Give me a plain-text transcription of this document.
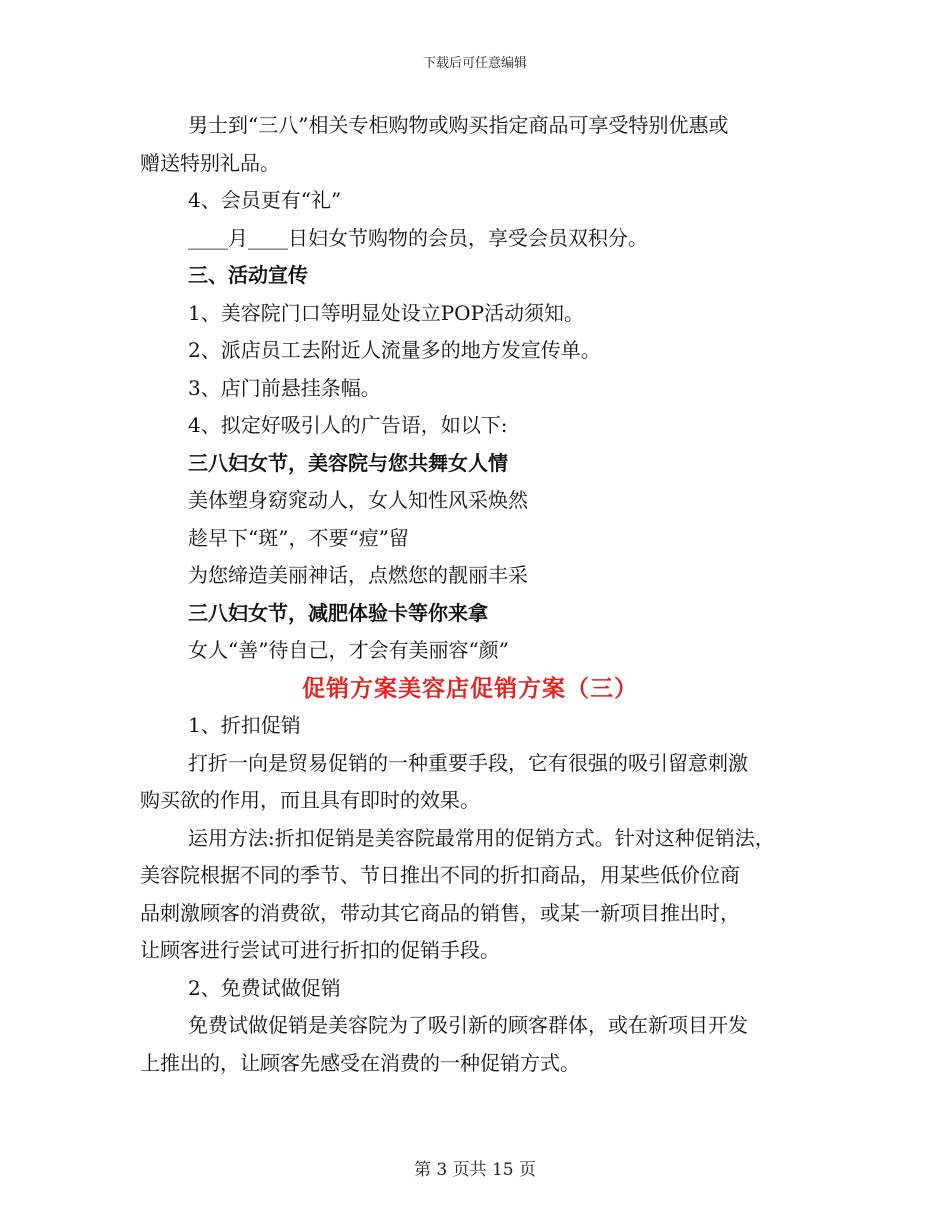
下载后可任意编辑

男士到“三八”相关专柜购物或购买指定商品可享受特别优惠或

赠送特别礼品。

4、会员更有“礼”

____月____日妇女节购物的会员，享受会员双积分。

三、活动宣传

1、美容院门口等明显处设立POP活动须知。

2、派店员工去附近人流量多的地方发宣传单。

3、店门前悬挂条幅。

4、拟定好吸引人的广告语，如以下:

三八妇女节，美容院与您共舞女人情

美体塑身窈窕动人，女人知性风采焕然

趁早下“斑”，不要“痘”留

为您缔造美丽神话，点燃您的靓丽丰采

三八妇女节，减肥体验卡等你来拿

女人“善”待自己，才会有美丽容“颜”

促销方案美容店促销方案（三）

1、折扣促销

打折一向是贸易促销的一种重要手段，它有很强的吸引留意刺激

购买欲的作用，而且具有即时的效果。

运用方法:折扣促销是美容院最常用的促销方式。针对这种促销法，

美容院根据不同的季节、节日推出不同的折扣商品，用某些低价位商

品刺激顾客的消费欲，带动其它商品的销售，或某一新项目推出时，

让顾客进行尝试可进行折扣的促销手段。

2、免费试做促销

免费试做促销是美容院为了吸引新的顾客群体，或在新项目开发

上推出的，让顾客先感受在消费的一种促销方式。

第 3 页共 15 页
